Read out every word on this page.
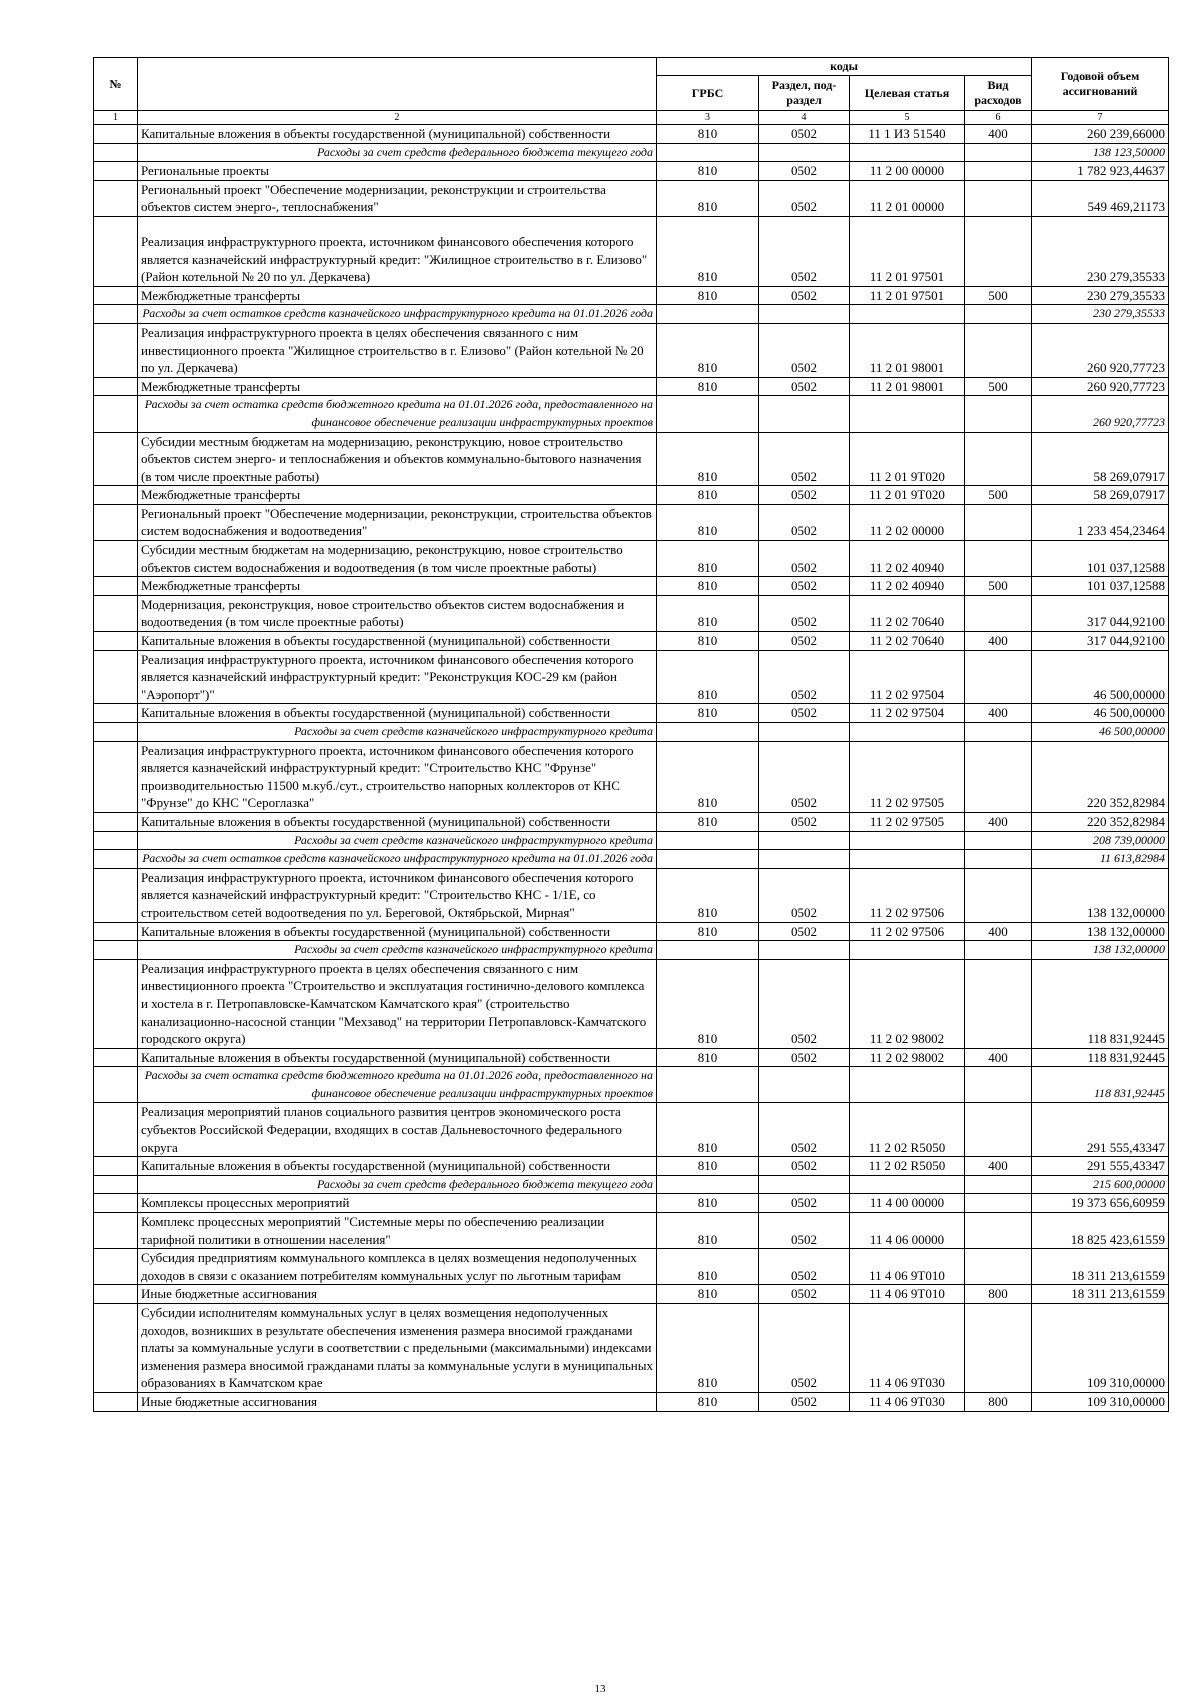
№		коды				Годовой объем ассигнований
		ГРБС	Раздел, под-раздел	Целевая статья	Вид расходов	
1	2	3	4	5	6	7
	Капитальные вложения в объекты государственной (муниципальной) собственности	810	0502	11 1 ИЗ 51540	400	260 239,66000
	Расходы за счет средств федерального бюджета текущего года					138 123,50000
	Региональные проекты	810	0502	11 2 00 00000		1 782 923,44637
	Региональный проект "Обеспечение модернизации, реконструкции и строительства объектов систем энерго-, теплоснабжения"	810	0502	11 2 01 00000		549 469,21173
	Реализация инфраструктурного проекта, источником финансового обеспечения которого является казначейский инфраструктурный кредит: "Жилищное строительство в г. Елизово" (Район котельной № 20 по ул. Деркачева)	810	0502	11 2 01 97501		230 279,35533
	Межбюджетные трансферты	810	0502	11 2 01 97501	500	230 279,35533
	Расходы за счет остатков средств казначейского инфраструктурного кредита на 01.01.2026 года					230 279,35533
	Реализация инфраструктурного проекта в целях обеспечения связанного с ним инвестиционного проекта "Жилищное строительство в г. Елизово" (Район котельной № 20 по ул. Деркачева)	810	0502	11 2 01 98001		260 920,77723
	Межбюджетные трансферты	810	0502	11 2 01 98001	500	260 920,77723
	Расходы за счет остатка средств бюджетного кредита на 01.01.2026 года, предоставленного на финансовое обеспечение реализации инфраструктурных проектов					260 920,77723
	Субсидии местным бюджетам на модернизацию, реконструкцию, новое строительство объектов систем энерго- и теплоснабжения и объектов коммунально-бытового назначения (в том числе проектные работы)	810	0502	11 2 01 9Т020		58 269,07917
	Межбюджетные трансферты	810	0502	11 2 01 9Т020	500	58 269,07917
	Региональный проект "Обеспечение модернизации, реконструкции, строительства объектов систем водоснабжения и водоотведения"	810	0502	11 2 02 00000		1 233 454,23464
	Субсидии местным бюджетам на модернизацию, реконструкцию, новое строительство объектов систем водоснабжения и водоотведения (в том числе проектные работы)	810	0502	11 2 02 40940		101 037,12588
	Межбюджетные трансферты	810	0502	11 2 02 40940	500	101 037,12588
	Модернизация, реконструкция, новое строительство объектов систем водоснабжения и водоотведения (в том числе проектные работы)	810	0502	11 2 02 70640		317 044,92100
	Капитальные вложения в объекты государственной (муниципальной) собственности	810	0502	11 2 02 70640	400	317 044,92100
	Реализация инфраструктурного проекта, источником финансового обеспечения которого является казначейский инфраструктурный кредит: "Реконструкция КОС-29 км (район "Аэропорт")"	810	0502	11 2 02 97504		46 500,00000
	Капитальные вложения в объекты государственной (муниципальной) собственности	810	0502	11 2 02 97504	400	46 500,00000
	Расходы за счет средств казначейского инфраструктурного кредита					46 500,00000
	Реализация инфраструктурного проекта, источником финансового обеспечения которого является казначейский инфраструктурный кредит: "Строительство КНС "Фрунзе" производительностью 11500 м.куб./сут., строительство напорных коллекторов от КНС "Фрунзе" до КНС "Сероглазка"	810	0502	11 2 02 97505		220 352,82984
	Капитальные вложения в объекты государственной (муниципальной) собственности	810	0502	11 2 02 97505	400	220 352,82984
	Расходы за счет средств казначейского инфраструктурного кредита					208 739,00000
	Расходы за счет остатков средств казначейского инфраструктурного кредита на 01.01.2026 года					11 613,82984
	Реализация инфраструктурного проекта, источником финансового обеспечения которого является казначейский инфраструктурный кредит: "Строительство КНС - 1/1Е, со строительством сетей водоотведения по ул. Береговой, Октябрьской, Мирная"	810	0502	11 2 02 97506		138 132,00000
	Капитальные вложения в объекты государственной (муниципальной) собственности	810	0502	11 2 02 97506	400	138 132,00000
	Расходы за счет средств казначейского инфраструктурного кредита					138 132,00000
	Реализация инфраструктурного проекта в целях обеспечения связанного с ним инвестиционного проекта "Строительство и эксплуатация гостинично-делового комплекса и хостела в г. Петропавловске-Камчатском Камчатского края" (строительство канализационно-насосной станции "Мехзавод" на территории Петропавловск-Камчатского городского округа)	810	0502	11 2 02 98002		118 831,92445
	Капитальные вложения в объекты государственной (муниципальной) собственности	810	0502	11 2 02 98002	400	118 831,92445
	Расходы за счет остатка средств бюджетного кредита на 01.01.2026 года, предоставленного на финансовое обеспечение реализации инфраструктурных проектов					118 831,92445
	Реализация мероприятий планов социального развития центров экономического роста субъектов Российской Федерации, входящих в состав Дальневосточного федерального округа	810	0502	11 2 02 R5050		291 555,43347
	Капитальные вложения в объекты государственной (муниципальной) собственности	810	0502	11 2 02 R5050	400	291 555,43347
	Расходы за счет средств федерального бюджета текущего года					215 600,00000
	Комплексы процессных мероприятий	810	0502	11 4 00 00000		19 373 656,60959
	Комплекс процессных мероприятий "Системные меры по обеспечению реализации тарифной политики в отношении населения"	810	0502	11 4 06 00000		18 825 423,61559
	Субсидия предприятиям коммунального комплекса в целях возмещения недополученных доходов в связи с оказанием потребителям коммунальных услуг по льготным тарифам	810	0502	11 4 06 9Т010		18 311 213,61559
	Иные бюджетные ассигнования	810	0502	11 4 06 9Т010	800	18 311 213,61559
	Субсидии исполнителям коммунальных услуг в целях возмещения недополученных доходов, возникших в результате обеспечения изменения размера вносимой гражданами платы за коммунальные услуги в соответствии с предельными (максимальными) индексами изменения размера вносимой гражданами платы за коммунальные услуги в муниципальных образованиях в Камчатском крае	810	0502	11 4 06 9Т030		109 310,00000
	Иные бюджетные ассигнования	810	0502	11 4 06 9Т030	800	109 310,00000
13
